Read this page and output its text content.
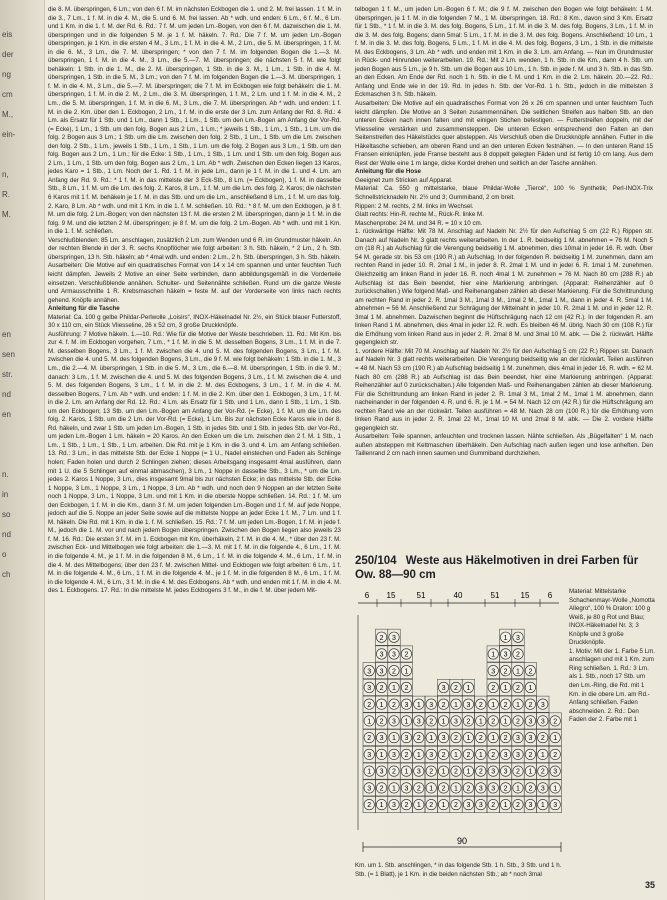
eis
der
ng
cm
M.,
ein-
n,
R.
M.
en
sen
str.
nd
en
n.
in
so
nd
o
ch

die 8. M. überspringen, 6 Lm.; von den 6 f. M. im nächsten Eckbogen die 1. und 2. M. frei lassen. 1 f. M. in die 3., 7 Lm., 1 f. M. in die 4. M., die 5. und 6. M. frei lassen. Ab * wdh. und enden: 6 Lm., 6 f. M., 6 Lm. und 1 Km. in die 1. f. M. der Rd. 6. Rd.: 7 f. M. um jeden Lm.-Bogen, von den 6 f. M. dazwischen die 1. M. überspringen und in die folgenden 5 M. je 1 f. M. häkeln. 7. Rd.: Die 7 f. M. um jeden Lm.-Bogen überspringen, je 1 Km. in die ersten 4 M., 3 Lm., 1 f. M. in die 4. M., 2 Lm., die 5. M. überspringen, 1 f. M. in die 6. M., 3 Lm., die 7. M. überspringen; * von den 7 f. M. im folgenden Bogen die 1.—3. M. überspringen, 1 f. M. in die 4. M., 3 Lm., die 5.—7. M. überspringen; die nächsten 5 f. M. wie folgt behäkeln: 1 Stb. in die 1. M., die 2. M. überspringen, 1 Stb. in die 3. M., 1 Lm., 1 Stb. in die 4. M. überspringen, 1 Stb. in die 5. M., 3 Lm.; von den 7 f. M. im folgenden Bogen die 1.—3. M. überspringen, 1 f. M. in die 4. M., 3 Lm., die 5.—7. M. überspringen; die 7 f. M. im Eckbogen wie folgt behäkeln: die 1. M. überspringen, 1 f. M. in die 2. M., 2 Lm., die 3. M. überspringen, 1 f. M., 2 Lm. und 1 f. M. in die 4. M., 2 Lm., die 5. M. überspringen, 1 f. M. in die 6. M., 3 Lm., die 7. M. überspringen. Ab * wdh. und enden: 1 f. M. in die 2. Km. über den 1. Eckbogen, 2 Lm., 1 f. M. in die erste der 3 Lm. zum Anfang der Rd. 8. Rd.: 4 Lm. als Ersatz für 1 Stb. und 1 Lm., dann 1 Stb., 1 Lm., 1 Stb. um den Lm.-Bogen am Anfang der Vor-Rd. (= Ecke), 1 Lm., 1 Stb. um den folg. Bogen aus 2 Lm., 1 Lm.; * jeweils 1 Stb., 1 Lm., 1 Stb., 1 Lm. um die folg. 2 Bogen aus 3 Lm.; 1 Stb. um die Lm. zwischen den folg. 2 Stb., 1 Lm., 1 Stb. um die Lm. zwischen den folg. 2 Stb., 1 Lm., jeweils 1 Stb., 1 Lm., 1 Stb., 1 Lm. um die folg. 2 Bogen aus 3 Lm., 1 Stb. um den folg. Bogen aus 2 Lm., 1 Lm.; für die Ecke: 1 Stb., 1 Lm., 1 Stb., 1 Lm. und 1 Stb. um den folg. Bogen aus 2 Lm., 1 Lm., 1 Stb. um den folg. Bogen aus 2 Lm., 1 Lm. Ab * wdh. Zwischen den Ecken liegen 13 Karos, jedes Karo = 1 Stb., 1 Lm. Noch der 1. Rd. 1 f. M. in jede Lm., dann je 1 f. M. in die 1. und 4. Lm. am Anfang der Rd. 9. Rd.: * 1 f. M. in das mittelste der 3 Eck-Stb., 8 Lm. (= Eckbogen), 1 f. M. in dasselbe Stb., 8 Lm., 1 f. M. um die Lm. des folg. 2. Karos, 8 Lm., 1 f. M. um die Lm. des folg. 2. Karos; die nächsten 6 Karos mit 1 f. M. behäkeln je 1 f. M. in das Stb. und um die Lm., anschließend 8 Lm., 1 f. M. um das folg. 2. Karo, 8 Lm. Ab * wdh. und mit 1 Km. in die 1. f. M. schließen. 10. Rd.: * 8 f. M. um den Eckbogen, je 8 f. M. um die folg. 2 Lm.-Bogen; von den nächsten 13 f. M. die ersten 2 M. überspringen, dann je 1 f. M. in die folg. 9 M. und die letzten 2 M. überspringen; je 8 f. M. um die folg. 2 Lm.-Bogen. Ab * wdh. und mit 1 Km. in die 1. f. M. schließen.

Verschlußblenden: 85 Lm. anschlagen, zusätzlich 2 Lm. zum Wenden und 6 R. im Grundmuster häkeln. An der rechten Blende in der 3. R. sechs Knopflöcher wie folgt arbeiten: 3 h. Stb. häkeln, * 2 Lm., 2 h. Stb. überspringen, 13 h. Stb. häkeln; ab * 4mal wdh. und enden: 2 Lm., 2 h. Stb. überspringen, 3 h. Stb. häkeln.

Ausarbeiten: Die Motive auf ein quadratisches Format von 14 x 14 cm spannen und unter feuchten Tuch leicht dämpfen. Jeweils 2 Motive an einer Seite verbinden, dann abbildungsgemäß in die Vorderteile einsetzen. Verschlußblende annähen. Schulter- und Seitennähte schließen. Rund um die ganze Weste und Armausschnitte 1 R. Krebsmaschen häkeln = feste M. auf der Vorderseite von links nach rechts gehend. Knöpfe annähen.

Anleitung für die Tasche

Material: Ca. 100 g gelbe Phildar-Perlwolle „Loisirs“, INOX-Häkelnadel Nr. 2½, ein Stück blauer Futterstoff, 30 x 110 cm, ein Stück Vliesseline, 26 x 52 cm, 3 große Druckknöpfe.

Ausführung: 7 Motive häkeln. 1.—10. Rd.: Wie für die Motive der Weste beschrieben. 11. Rd.: Mit Km. bis zur 4. f. M. im Eckbogen vorgehen, 7 Lm., * 1 f. M. in die 5. M. desselben Bogens, 3 Lm., 1 f. M. in die 7. M. desselben Bogens, 3 Lm., 1 f. M. zwischen die 4. und 5. M. des folgenden Bogens, 3 Lm., 1 f. M. zwischen die 4. und 5. M. des folgenden Bogens, 3 Lm., die 9 f. M. wie folgt behäkeln: 1 Stb. in die 1. M., 3 Lm., die 2.—4. M. überspringen, 1 Stb. in die 5. M., 3 Lm., die 6.—8. M. überspringen, 1 Stb. in die 9. M.; danach: 3 Lm., 1 f. M. zwischen die 4. und 5. M. des folgenden Bogens, 3 Lm., 1 f. M. zwischen die 4. und 5. M. des folgenden Bogens, 3 Lm., 1 f. M. in die 2. M. des Eckbogens, 3 Lm., 1 f. M. in die 4. M. desselben Bogens, 7 Lm. Ab * wdh. und enden: 1 f. M. in die 2. Km. über den 1. Eckbogen, 3 Lm., 1 f. M. in die 2. Lm. am Anfang der Rd. 12. Rd.: 4 Lm. als Ersatz für 1 Stb. und 1 Lm., dann 1 Stb., 1 Lm., 1 Stb. um den Eckbogen; 13 Stb. um den Lm.-Bogen am Anfang der Vor-Rd. (= Ecke), 1 f. M. um die Lm. des folg. 2. Karos, 1 Stb. um die 2 Lm. der Vor-Rd. (= Ecke), 1 Lm. Bis zur nächsten Ecke Karos wie in der 8. Rd. häkeln, und zwar 1 Stb. um jeden Lm.-Bogen, 1 Stb. in jedes Stb. und 1 Stb. in jedes Stb. der Vor-Rd., um jeden Lm.-Bogen 1 Lm. häkeln = 20 Karos. An den Ecken um die Lm. zwischen den 2 f. M. 1 Stb., 1 Lm., 1 Stb., 1 Lm., 1 Stb., 1 Lm. arbeiten. Die Rd. mit je 1 Km. in die 3. und 4. Lm. am Anfang schließen. 13. Rd.: 3 Lm., in das mittelste Stb. der Ecke 1 Noppe (= 1 U., Nadel einstechen und Faden als Schlinge holen; Faden holen und durch 2 Schlingen ziehen; dieses Arbeitsgang insgesamt 4mal ausführen, dann mit 1 U. die 5 Schlingen auf einmal abmaschen), 3 Lm., 1 Noppe in dasselbe Stb., 3 Lm., * um die Lm. jedes 2. Karos 1 Noppe, 3 Lm., dies insgesamt 9mal bis zur nächsten Ecke; in das mittelste Stb. der Ecke 1 Noppe, 3 Lm., 1 Noppe, 3 Lm., 1 Noppe, 3 Lm. Ab * wdh. und noch den 9 Noppen an der letzten Seite noch 1 Noppe, 3 Lm., 1 Noppe, 3 Lm. und mit 1 Km. in die oberste Noppe schließen. 14. Rd.: 1 f. M. um den Eckbogen, 1 f. M. in die Km., dann 3 f. M. um jeden folgenden Lm.-Bogen und 1 f. M. auf jede Noppe, jedoch auf die 5. Noppe an jeder Seite sowie auf die mittelste Noppe an jeder Ecke 1 f. M., 7 Lm. und 1 f. M. häkeln. Die Rd. mit 1 Km. in die 1. f. M. schließen. 15. Rd.: 7 f. M. um jeden Lm.-Bogen, 1 f. M. in jede f. M., jedoch die 1. M. vor und nach jedem Bogen überspringen. Zwischen den Bogen liegen also jeweils 23 f. M. 16. Rd.: Die ersten 3 f. M. im 1. Eckbogen mit Km. überhäkeln, 2 f. M. in die 4. M., * über den 23 f. M. zwischen Eck- und Mittelbogen wie folgt arbeiten: die 1.—3. M. mit 1 f. M. in die folgende 4., 6 Lm., 1 f. M. in die folgende 4. M., je 1 f. M. in die folgenden 8 M., 6 Lm., 1 f. M. in die folgende 4. M., 6 Lm., 1 f. M. in die 4. M. des Mittelbogens; über den 23 f. M. zwischen Mittel- und Eckbogen wie folgt arbeiten: 6 Lm., 1 f. M. in die folgende 4. M., 6 Lm., 1 f. M. in die folgende 4. M., je 1 f. M. in die folgenden 8 M., 6 Lm., 1 f. M. in die folgende 4. M., 6 Lm., 3 f. M. in die 4. M. des Eckbogens. Ab * wdh. und enden mit 1 f. M. in die 4. M. des 1. Eckbogens. 17. Rd.: In die mittelste M. jedes Eckbogens 3 f. M., in die f. M. über jedem Mit-

telbogen 1 f. M., um jeden Lm.-Bogen 6 f. M.; die 9 f. M. zwischen den Bogen wie folgt behäkeln: 1 M. überspringen, je 1 f. M. in die folgenden 7 M., 1 M. überspringen. 18. Rd.: 8 Km., davon sind 3 Km. Ersatz für 1 Stb., * 1 f. M. in die 3. M. des folg. Bogens, 5 Lm., 1 f. M. in die 3. M. des folg. Bogens, 3 Lm., 1 f. M. in die 3. M. des folg. Bogens; dann 5mal: 5 Lm., 1 f. M. in die 3. M. des folg. Bogens. Anschließend: 10 Lm., 1 f. M. in die 3. M. des folg. Bogens, 5 Lm., 1 f. M. in die 4. M. des folg. Bogens, 3 Lm., 1 Stb. in die mittelste M. des Eckbogens, 3 Lm. Ab * wdh. und enden mit 1 Km. in die 3. Lm. am Anfang. — Nun im Grundmuster in Rück- und Hinrunden weiterarbeiten. 19. Rd.: Mit 2 Lm. wenden, 1 h. Stb. in die Km., dann 4 h. Stb. um jeden Bogen aus 5 Lm., je 9 h. Stb. um die Bogen aus 10 Lm., 1 h. Stb. in jede f. M. und 3 h. Stb. in das Stb. an den Ecken. Am Ende der Rd. noch 1 h. Stb. in die f. M. und 1 Km. in die 2. Lm. häkeln. 20.—22. Rd.: Anfang und Ende wie in der 19. Rd. In jedes h. Stb. der Vor-Rd. 1 h. Stb., jedoch in die mittelsten 3 Eckmaschen 3 h. Stb. häkeln.

Ausarbeiten: Die Motive auf ein quadratisches Format von 26 x 26 cm spannen und unter feuchtem Tuch leicht dämpfen. Die Motive an 3 Seiten zusammennähen. Die seitlichen Streifen aus halben Stb. an den unteren Ecken nach innen falten und mit einigen Stichen befestigen. — Futterstreifen doppeln, mit der Vliesseline verstärken und zusammensteppen. Die unteren Ecken entsprechend den Falten an den Seitenstreifen des Häkelstücks quer absteppen. Als Verschluß oben die Druckknöpfe annähen. Futter in die Häkeltasche schieben, am oberen Rand und an den unteren Ecken festnähen. — In den unteren Rand 15 Fransen einknüpfen, jede Franse besteht aus 8 doppelt gelegten Fäden und ist fertig 10 cm lang. Aus dem Rest der Wolle eine 1 m lange, dicke Kordel drehen und seitlich an der Tasche annähen.

Anleitung für die Hose

Geeignet zum Stricken auf Apparat.

Material: Ca. 550 g mittelstarke, blaue Phildar-Wolle „Tiercé“, 100 % Synthetik; Perl-INOX-Trix Schnellstricknadeln Nr. 2½ und 3; Gummiband, 2 cm breit.

Rippen: 2 M. rechts, 2 M. links im Wechsel.

Glatt rechts: Hin-R. rechte M., Rück-R. linke M.

Maschenprobe: 24 M. und 34 R. = 10 x 10 cm.

1. rückwärtige Hälfte: Mit 78 M. Anschlag auf Nadeln Nr. 2½ für den Aufschlag 5 cm (22 R.) Rippen str. Danach auf Nadeln Nr. 3 glatt rechts weiterarbeiten. In der 1. R. beidseitig 1 M. abnehmen = 76 M. Noch 5 cm (18 R.) ab Aufschlag für die Verengung beidseitig 1 M. abnehmen, dies 10mal in jeder 16. R. wdh. Über 54 M. gerade str. bis 53 cm (190 R.) ab Aufschlag. In der folgenden R. beidseitig 1 M. zunehmen, dann am rechten Rand in jeder 10. R. 2mal 1 M., in jeder 8. R. 2mal 1 M. und in jeder 6. R. 1mal 1 M. zunehmen. Gleichzeitig am linken Rand in jeder 16. R. noch 4mal 1 M. zunehmen = 76 M. Nach 80 cm (288 R.) ab Aufschlag ist das Bein beendet, hier eine Markierung anbringen. (Apparat: Reihenzähler auf 0 zurückschalten.) Wie folgend Maß- und Reihenangaben zählen ab dieser Markierung. Für die Schrittrundung am rechten Rand in jeder 2. R. 1mal 3 M., 1mal 3 M., 1mal 2 M., 1mal 1 M., dann in jeder 4. R. 5mal 1 M. abnehmen = 56 M. Anschließend zur Schrägung der Mittelnaht in jeder 10. R. 2mal 1 M. und in jeder 12. R. 3mal 1 M. abnehmen. Dazwischen beginnt die Hüftschrägung nach 12 cm (42 R.). In der folgenden R. am linken Rand 1 M. abnehmen, dies 4mal in jeder 12. R. wdh. Es bleiben 46 M. übrig. Nach 30 cm (108 R.) für die Erhöhung vom linken Rand aus in jeder 2. R. 2mal 8 M. und 3mal 10 M. abk. — Die 2. rückwärt. Hälfte gegengleich str.

1. vordere Hälfte: Mit 70 M. Anschlag auf Nadeln Nr. 2½ für den Aufschlag 5 cm (22 R.) Rippen str. Danach auf Nadeln Nr. 3 glatt rechts weiterarbeiten. Die Verengung beidseitig wie an der rückwärt. Teilen ausführen = 48 M. Nach 53 cm (190 R.) ab Aufschlag beidseitig 1 M. zunehmen, dies 4mal in jeder 16. R. wdh. = 62 M. Nach 80 cm (288 R.) ab Aufschlag ist das Bein beendet, hier eine Markierung anbringen. (Apparat: Reihenzähler auf 0 zurückschalten.) Alle folgenden Maß- und Reihenangaben zählen ab dieser Markierung. Für die Schrittrundung am linken Rand in jeder 2. R. 1mal 3 M., 1mal 2 M., 1mal 1 M. abnehmen, dann nacheinander in der folgenden 4. R. und 6. R. je 1 M. = 54 M. Nach 12 cm (42 R.) für die Hüftschrägung am rechten Rand wie an der rückwärt. Teilen ausführen = 48 M. Nach 28 cm (100 R.) für die Erhöhung vom linken Rand aus in jeder 2. R. 1mal 22 M., 1mal 10 M. und 2mal 8 M. abk. — Die 2. vordere Hälfte gegengleich str.

Ausarbeiten: Teile spannen, anfeuchten und trocknen lassen. Nähte schließen. Als „Bügelfalten“ 1 M. nach außen absteppen mit Kettmaschen überhäkeln. Den Aufschlag nach außen legen und lose anheften. Den Taillenrand 2 cm nach innen saumen und Gummiband durchziehen.

250/104 Weste aus Häkelmotiven in drei Farben für Ow. 88—90 cm
6 15	51	40	51	15 6
2 3	1 3
3 3 2	1 3 2
3 3 2 1	3 2 1 2
3 2 1 2	3 2 1	2 1 2 1
2 1 2 3 1 3 2 1 3 2 1 2 1 2 3
1 2 3 1 3 2 1 3 2 1 2 1 2 3 3 2
2 3 1 3 2 1 3 2 1 2 1 2 3 3 2 1
3 1 3 2 1 3 2 1 2 1 2 3 3 2 1 2
1 3 2 1 3 2 1 2 1 2 3 3 2 1 2 3
3 2 1 3 2 1 2 1 2 3 3 2 1 2 3 1
2 1 3 2 1 2 1 2 3 3 2 1 2 3 1 3
90

Material: Mittelstarke Schachenmayr-Wolle „Nomotta Allegro“, 100 % Dralon: 100 g Weiß, je 80 g Rot und Blau; INOX-Häkelnadel Nr. 3; 3 Knöpfe und 3 große Druckknöpfe.

1. Motiv: Mit der 1. Farbe 5 Lm. anschlagen und mit 1 Km. zum Ring schließen. 1. Rd.: 3 Lm. als 1. Stb., noch 17 Stb. um den Lm.-Ring, die Rd. mit 1 Km. in die obere Lm. am Rd.-Anfang schließen. Faden abschneiden. 2. Rd.: Den Faden der 2. Farbe mit 1

Km. um 1. Stb. anschlingen, * in das folgende Stb. 1 h. Stb., 3 Stb. und 1 h. Stb. (= 1 Blatt), je 1 Km. in die beiden nächsten Stb.; ab * noch 3mal
35
